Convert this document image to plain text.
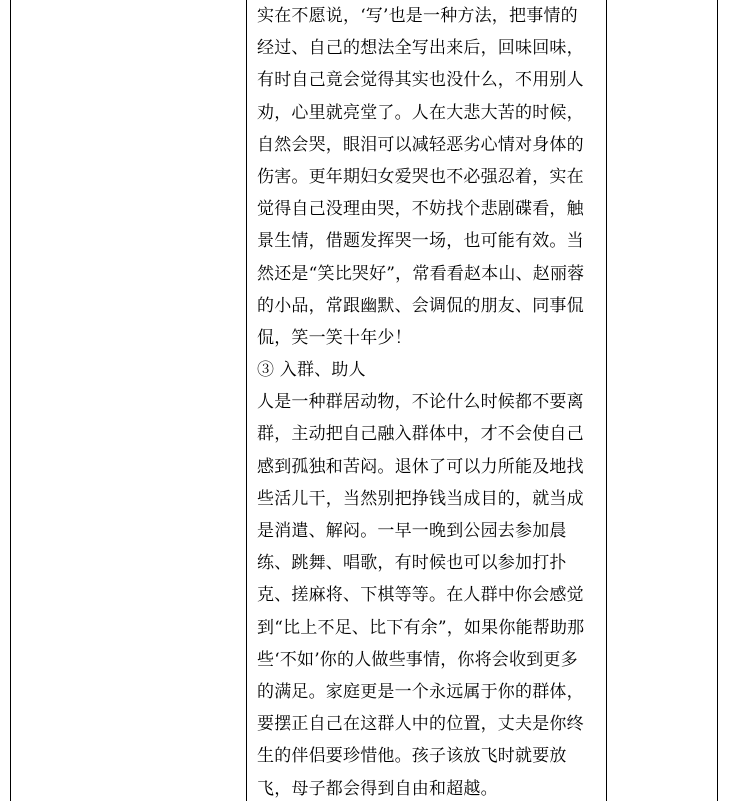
实在不愿说，‘写’也是一种方法，把事情的
经过、自己的想法全写出来后，回味回味，
有时自己竟会觉得其实也没什么，不用别人
劝，心里就亮堂了。人在大悲大苦的时候，
自然会哭，眼泪可以减轻恶劣心情对身体的
伤害。更年期妇女爱哭也不必强忍着，实在
觉得自己没理由哭，不妨找个悲剧碟看，触
景生情，借题发挥哭一场，也可能有效。当
然还是“笑比哭好”，常看看赵本山、赵丽蓉
的小品，常跟幽默、会调侃的朋友、同事侃
侃，笑一笑十年少！
③ 入群、助人
人是一种群居动物，不论什么时候都不要离
群，主动把自己融入群体中，才不会使自己
感到孤独和苦闷。退休了可以力所能及地找
些活儿干，当然别把挣钱当成目的，就当成
是消遣、解闷。一早一晚到公园去参加晨
练、跳舞、唱歌，有时候也可以参加打扑
克、搓麻将、下棋等等。在人群中你会感觉
到“比上不足、比下有余”，如果你能帮助那
些‘不如’你的人做些事情，你将会收到更多
的满足。家庭更是一个永远属于你的群体，
要摆正自己在这群人中的位置，丈夫是你终
生的伴侣要珍惜他。孩子该放飞时就要放
飞，母子都会得到自由和超越。
